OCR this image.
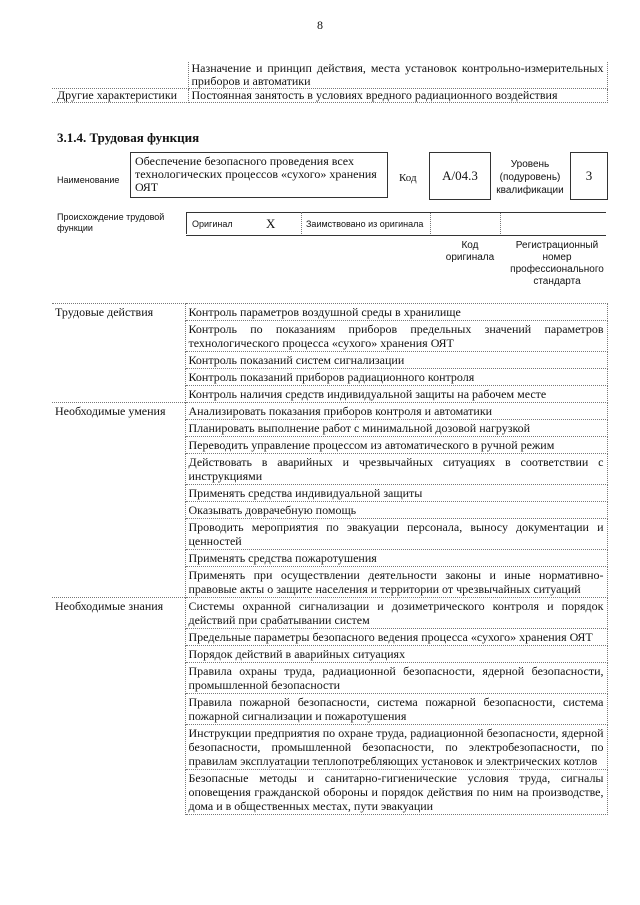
8
	Назначение и принцип действия, места установок контрольно-измерительных приборов и автоматики
Другие характеристики	Постоянная занятость в условиях вредного радиационного воздействия
3.1.4. Трудовая функция
Наименование
Обеспечение безопасного проведения всех технологических процессов «сухого» хранения ОЯТ
Код	А/04.3
Уровень (подуровень) квалификации
3
Происхождение трудовой функции	Оригинал	X	Заимствовано из оригинала
Код оригинала
Регистрационный номер профессионального стандарта
Трудовые действия	Контроль параметров воздушной среды в хранилище
	Контроль по показаниям приборов предельных значений параметров технологического процесса «сухого» хранения ОЯТ
	Контроль показаний систем сигнализации
	Контроль показаний приборов радиационного контроля
	Контроль наличия средств индивидуальной защиты на рабочем месте
Необходимые умения	Анализировать показания приборов контроля и автоматики
	Планировать выполнение работ с минимальной дозовой нагрузкой
	Переводить управление процессом из автоматического в ручной режим
	Действовать в аварийных и чрезвычайных ситуациях в соответствии с инструкциями
	Применять средства индивидуальной защиты
	Оказывать доврачебную помощь
	Проводить мероприятия по эвакуации персонала, выносу документации и ценностей
	Применять средства пожаротушения
	Применять при осуществлении деятельности законы и иные нормативно-правовые акты о защите населения и территории от чрезвычайных ситуаций
Необходимые знания	Системы охранной сигнализации и дозиметрического контроля и порядок действий при срабатывании систем
	Предельные параметры безопасного ведения процесса «сухого» хранения ОЯТ
	Порядок действий в аварийных ситуациях
	Правила охраны труда, радиационной безопасности, ядерной безопасности, промышленной безопасности
	Правила пожарной безопасности, система пожарной безопасности, система пожарной сигнализации и пожаротушения
	Инструкции предприятия по охране труда, радиационной безопасности, ядерной безопасности, промышленной безопасности, по электробезопасности, по правилам эксплуатации теплопотребляющих установок и электрических котлов
	Безопасные методы и санитарно-гигиенические условия труда, сигналы оповещения гражданской обороны и порядок действия по ним на производстве, дома и в общественных местах, пути эвакуации
